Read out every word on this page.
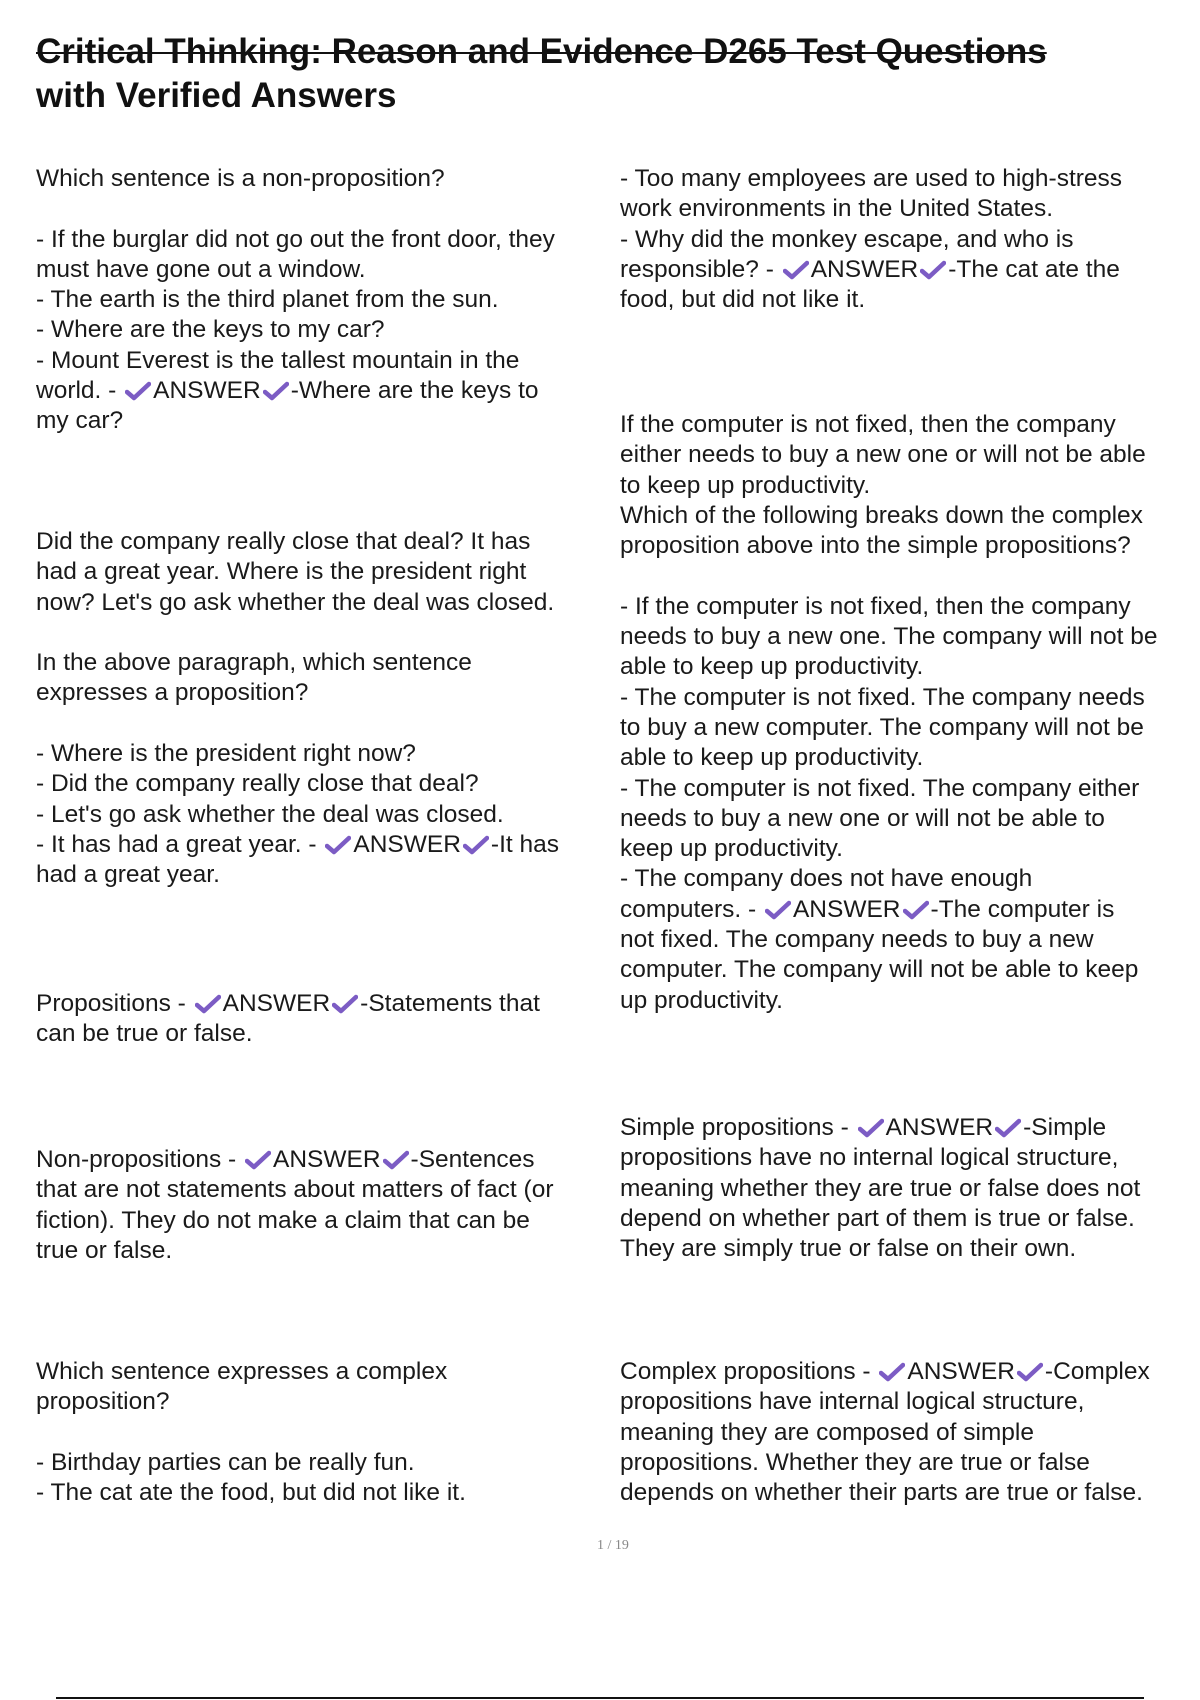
Critical Thinking: Reason and Evidence D265 Test Questions
with Verified Answers
Which sentence is a non-proposition?
- If the burglar did not go out the front door, they
must have gone out a window.
- The earth is the third planet from the sun.
- Where are the keys to my car?
- Mount Everest is the tallest mountain in the
world. - ANSWER -Where are the keys to
my car?
Did the company really close that deal? It has
had a great year. Where is the president right
now? Let's go ask whether the deal was closed.
In the above paragraph, which sentence
expresses a proposition?
- Where is the president right now?
- Did the company really close that deal?
- Let's go ask whether the deal was closed.
- It has had a great year. - ANSWER -It has
had a great year.
Propositions - ANSWER -Statements that
can be true or false.
Non-propositions - ANSWER -Sentences
that are not statements about matters of fact (or
fiction). They do not make a claim that can be
true or false.
Which sentence expresses a complex
proposition?
- Birthday parties can be really fun.
- The cat ate the food, but did not like it.
- Too many employees are used to high-stress
work environments in the United States.
- Why did the monkey escape, and who is
responsible? - ANSWER -The cat ate the
food, but did not like it.
If the computer is not fixed, then the company
either needs to buy a new one or will not be able
to keep up productivity.
Which of the following breaks down the complex
proposition above into the simple propositions?
- If the computer is not fixed, then the company
needs to buy a new one. The company will not be
able to keep up productivity.
- The computer is not fixed. The company needs
to buy a new computer. The company will not be
able to keep up productivity.
- The computer is not fixed. The company either
needs to buy a new one or will not be able to
keep up productivity.
- The company does not have enough
computers. - ANSWER -The computer is
not fixed. The company needs to buy a new
computer. The company will not be able to keep
up productivity.
Simple propositions - ANSWER -Simple
propositions have no internal logical structure,
meaning whether they are true or false does not
depend on whether part of them is true or false.
They are simply true or false on their own.
Complex propositions - ANSWER -Complex
propositions have internal logical structure,
meaning they are composed of simple
propositions. Whether they are true or false
depends on whether their parts are true or false.
1 / 19
